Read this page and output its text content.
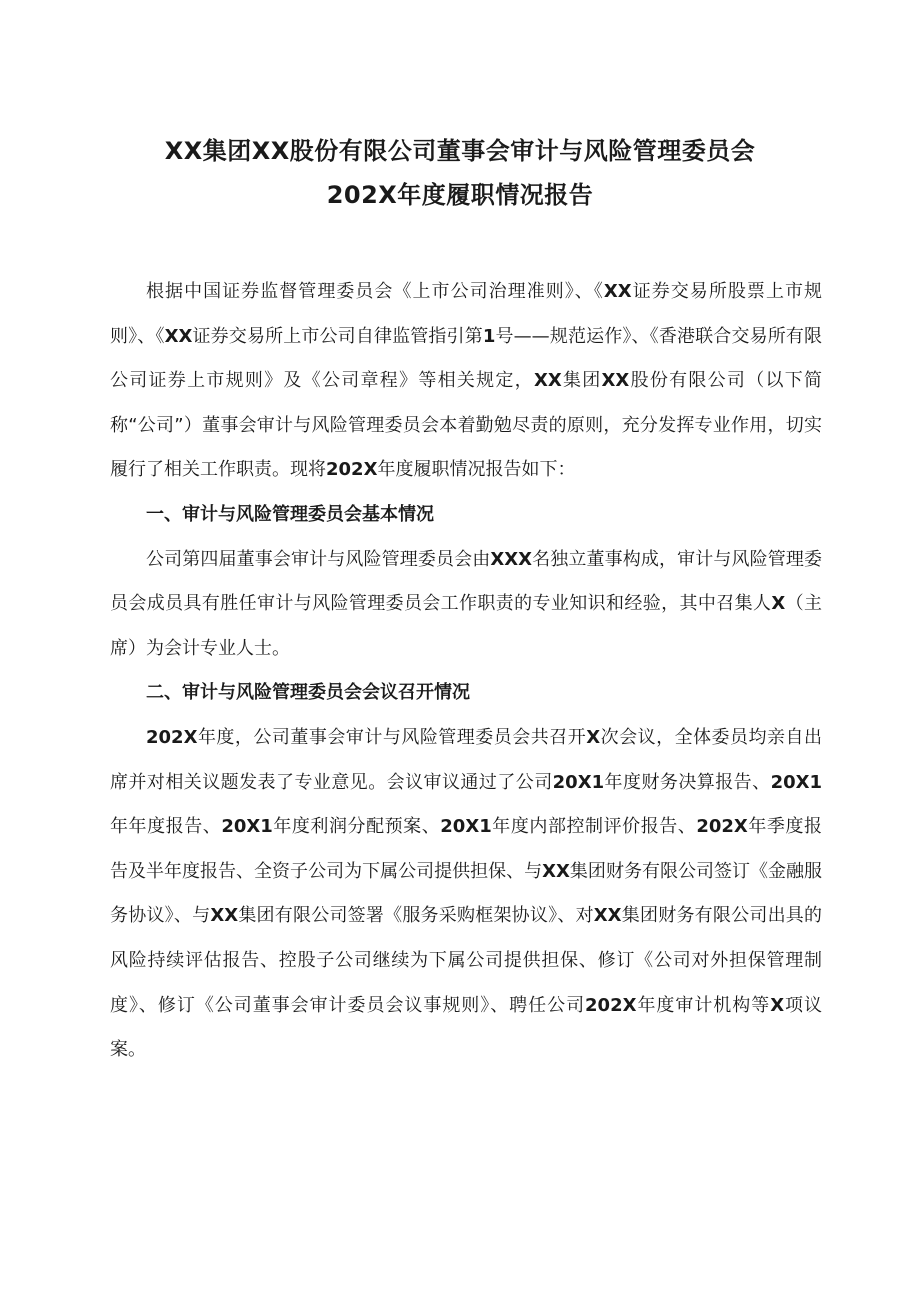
XX集团XX股份有限公司董事会审计与风险管理委员会
202X年度履职情况报告

根据中国证券监督管理委员会《上市公司治理准则》、《XX证券交易所股票上市规则》、《XX证券交易所上市公司自律监管指引第1号——规范运作》、《香港联合交易所有限公司证券上市规则》及《公司章程》等相关规定，XX集团XX股份有限公司（以下简称“公司”）董事会审计与风险管理委员会本着勤勉尽责的原则，充分发挥专业作用，切实履行了相关工作职责。现将202X年度履职情况报告如下：

一、审计与风险管理委员会基本情况

公司第四届董事会审计与风险管理委员会由XXX名独立董事构成，审计与风险管理委员会成员具有胜任审计与风险管理委员会工作职责的专业知识和经验，其中召集人X（主席）为会计专业人士。

二、审计与风险管理委员会会议召开情况

202X年度，公司董事会审计与风险管理委员会共召开X次会议，全体委员均亲自出席并对相关议题发表了专业意见。会议审议通过了公司20X1年度财务决算报告、20X1年年度报告、20X1年度利润分配预案、20X1年度内部控制评价报告、202X年季度报告及半年度报告、全资子公司为下属公司提供担保、与XX集团财务有限公司签订《金融服务协议》、与XX集团有限公司签署《服务采购框架协议》、对XX集团财务有限公司出具的风险持续评估报告、控股子公司继续为下属公司提供担保、修订《公司对外担保管理制度》、修订《公司董事会审计委员会议事规则》、聘任公司202X年度审计机构等X项议案。
